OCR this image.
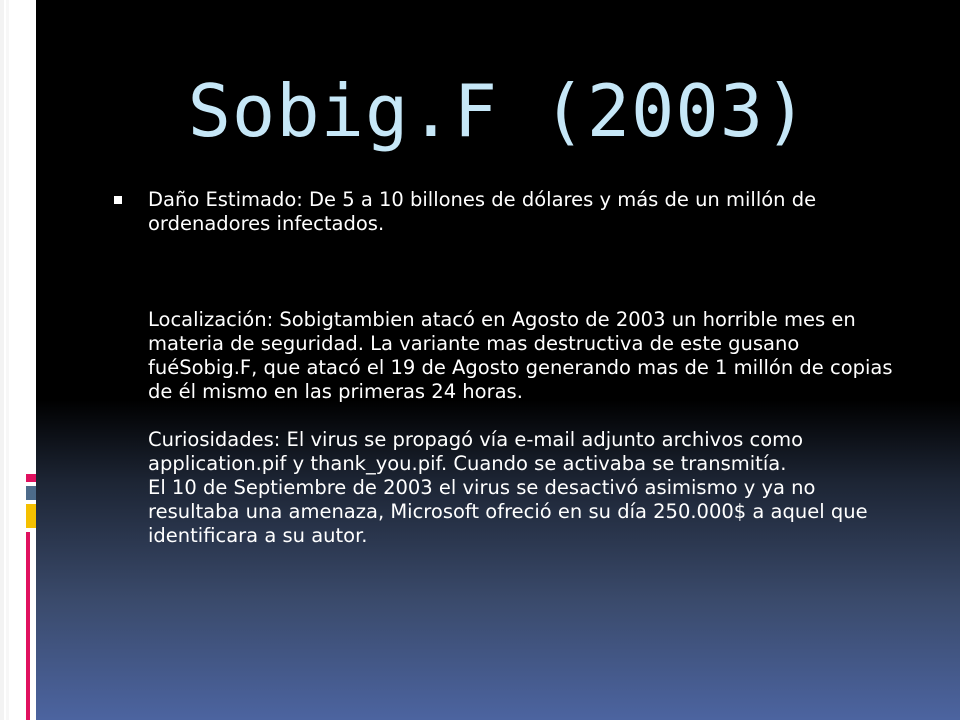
Sobig.F (2003)

Daño Estimado: De 5 a 10 billones de dólares y más de un millón de ordenadores infectados.

Localización: Sobigtambien atacó en Agosto de 2003 un horrible mes en materia de seguridad. La variante mas destructiva de este gusano fuéSobig.F, que atacó el 19 de Agosto generando mas de 1 millón de copias de él mismo en las primeras 24 horas.

Curiosidades: El virus se propagó vía e-mail adjunto archivos como application.pif y thank_you.pif. Cuando se activaba se transmitía.

El 10 de Septiembre de 2003 el virus se desactivó asimismo y ya no resultaba una amenaza, Microsoft ofreció en su día 250.000$ a aquel que identificara a su autor.
